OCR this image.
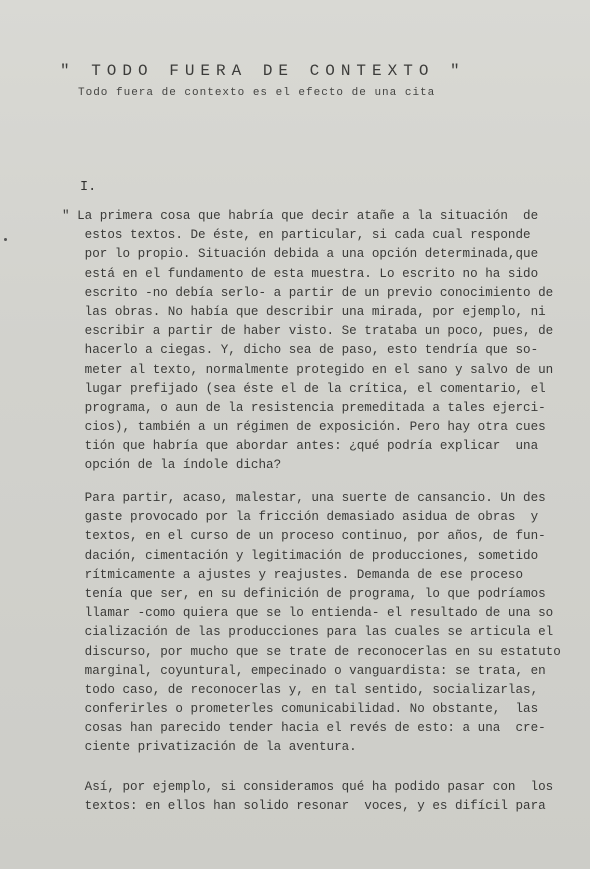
" TODO FUERA DE CONTEXTO "
Todo fuera de contexto es el efecto de una cita
I.
" La primera cosa que habría que decir atañe a la situación  de
estos textos. De éste, en particular, si cada cual responde
por lo propio. Situación debida a una opción determinada,que
está en el fundamento de esta muestra. Lo escrito no ha sido
escrito -no debía serlo- a partir de un previo conocimiento de
las obras. No había que describir una mirada, por ejemplo, ni
escribir a partir de haber visto. Se trataba un poco, pues, de
hacerlo a ciegas. Y, dicho sea de paso, esto tendría que so-
meter al texto, normalmente protegido en el sano y salvo de un
lugar prefijado (sea éste el de la crítica, el comentario, el
programa, o aun de la resistencia premeditada a tales ejerci-
cios), también a un régimen de exposición. Pero hay otra cues
tión que habría que abordar antes: ¿qué podría explicar  una
opción de la índole dicha?
Para partir, acaso, malestar, una suerte de cansancio. Un des
gaste provocado por la fricción demasiado asidua de obras  y
textos, en el curso de un proceso continuo, por años, de fun-
dación, cimentación y legitimación de producciones, sometido
rítmicamente a ajustes y reajustes. Demanda de ese proceso
tenía que ser, en su definición de programa, lo que podríamos
llamar -como quiera que se lo entienda- el resultado de una so
cialización de las producciones para las cuales se articula el
discurso, por mucho que se trate de reconocerlas en su estatuto
marginal, coyuntural, empecinado o vanguardista: se trata, en
todo caso, de reconocerlas y, en tal sentido, socializarlas,
conferirles o prometerles comunicabilidad. No obstante,  las
cosas han parecido tender hacia el revés de esto: a una  cre-
ciente privatización de la aventura.
Así, por ejemplo, si consideramos qué ha podido pasar con  los
textos: en ellos han solido resonar  voces, y es difícil para
